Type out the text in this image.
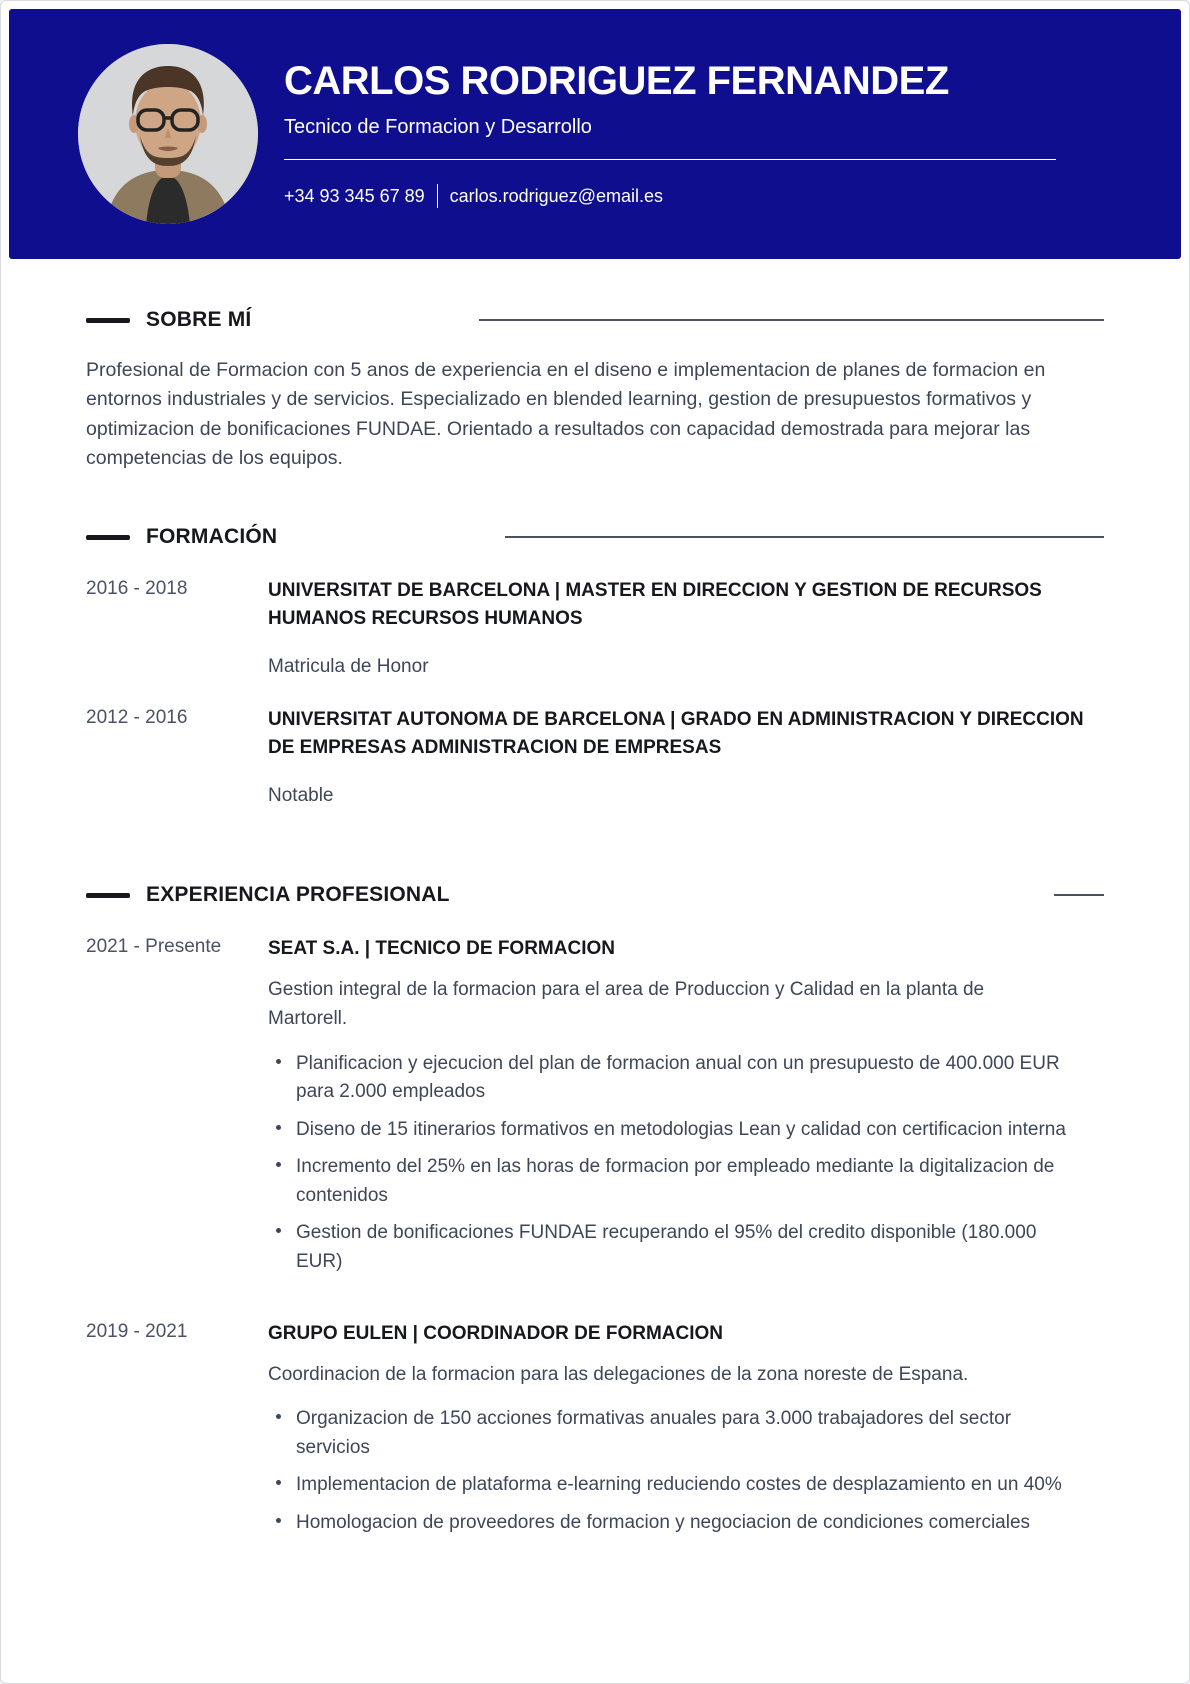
CARLOS RODRIGUEZ FERNANDEZ
Tecnico de Formacion y Desarrollo
+34 93 345 67 89 carlos.rodriguez@email.es
SOBRE MÍ

Profesional de Formacion con 5 anos de experiencia en el diseno e implementacion de planes de formacion en entornos industriales y de servicios. Especializado en blended learning, gestion de presupuestos formativos y optimizacion de bonificaciones FUNDAE. Orientado a resultados con capacidad demostrada para mejorar las competencias de los equipos.

FORMACIÓN
2016 - 2018	UNIVERSITAT DE BARCELONA | MASTER EN DIRECCION Y GESTION DE RECURSOS HUMANOS RECURSOS HUMANOS
Matricula de Honor
2012 - 2016	UNIVERSITAT AUTONOMA DE BARCELONA | GRADO EN ADMINISTRACION Y DIRECCION DE EMPRESAS ADMINISTRACION DE EMPRESAS
Notable
EXPERIENCIA PROFESIONAL
2021 - Presente	SEAT S.A. | TECNICO DE FORMACION
Gestion integral de la formacion para el area de Produccion y Calidad en la planta de Martorell.
Planificacion y ejecucion del plan de formacion anual con un presupuesto de 400.000 EUR para 2.000 empleados
Diseno de 15 itinerarios formativos en metodologias Lean y calidad con certificacion interna
Incremento del 25% en las horas de formacion por empleado mediante la digitalizacion de contenidos
Gestion de bonificaciones FUNDAE recuperando el 95% del credito disponible (180.000 EUR)
2019 - 2021	GRUPO EULEN | COORDINADOR DE FORMACION
Coordinacion de la formacion para las delegaciones de la zona noreste de Espana.
Organizacion de 150 acciones formativas anuales para 3.000 trabajadores del sector servicios
Implementacion de plataforma e-learning reduciendo costes de desplazamiento en un 40%
Homologacion de proveedores de formacion y negociacion de condiciones comerciales
